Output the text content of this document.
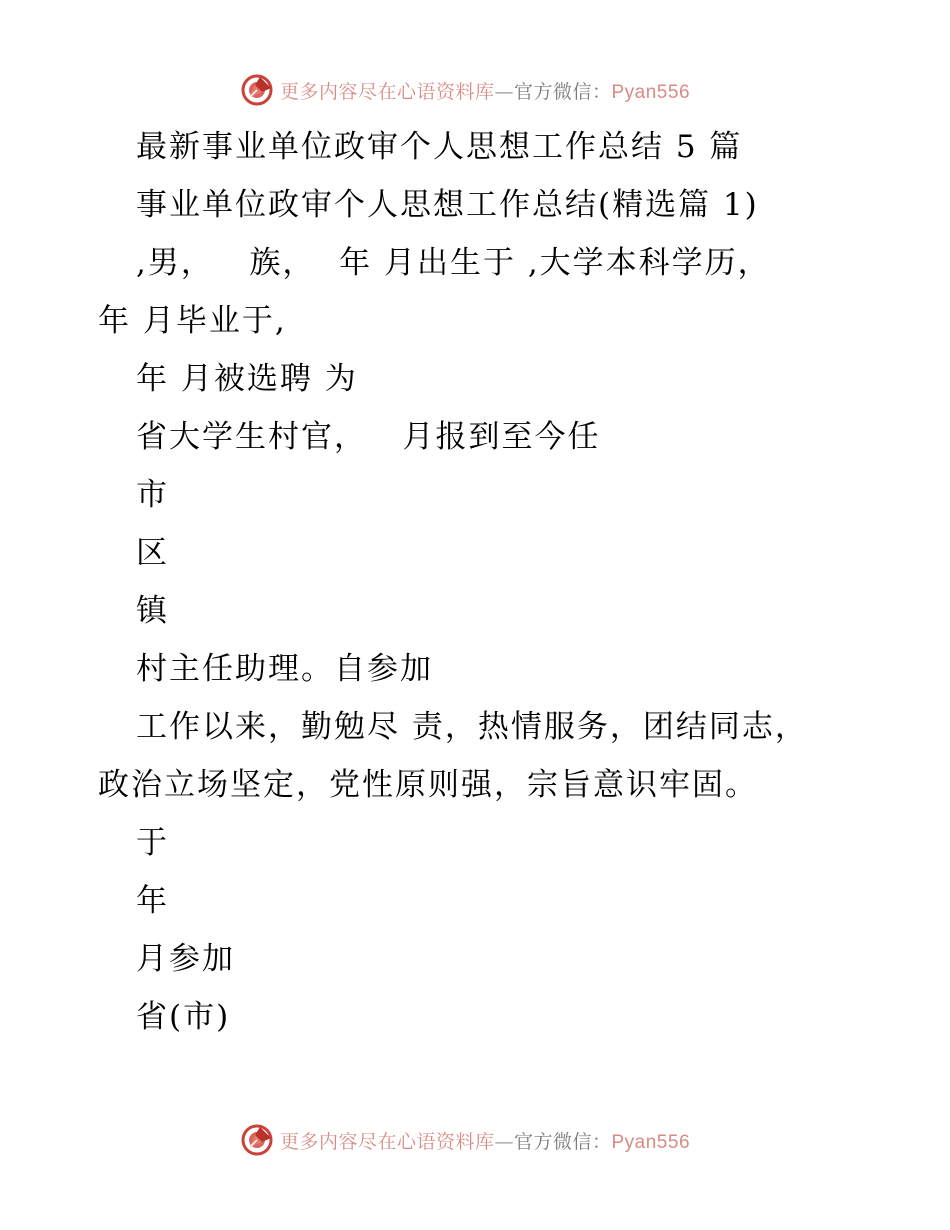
更多内容尽在心语资料库—官方微信：Pyan556
最新事业单位政审个人思想工作总结 5 篇
事业单位政审个人思想工作总结(精选篇 1)
,男，   族，  年 月出生于 ,大学本科学历，
年 月毕业于,
年 月被选聘 为
省大学生村官，   月报到至今任
市
区
镇
村主任助理。自参加
工作以来，勤勉尽 责，热情服务，团结同志，
政治立场坚定，党性原则强，宗旨意识牢固。
于
年
月参加
省(市)
更多内容尽在心语资料库—官方微信：Pyan556
